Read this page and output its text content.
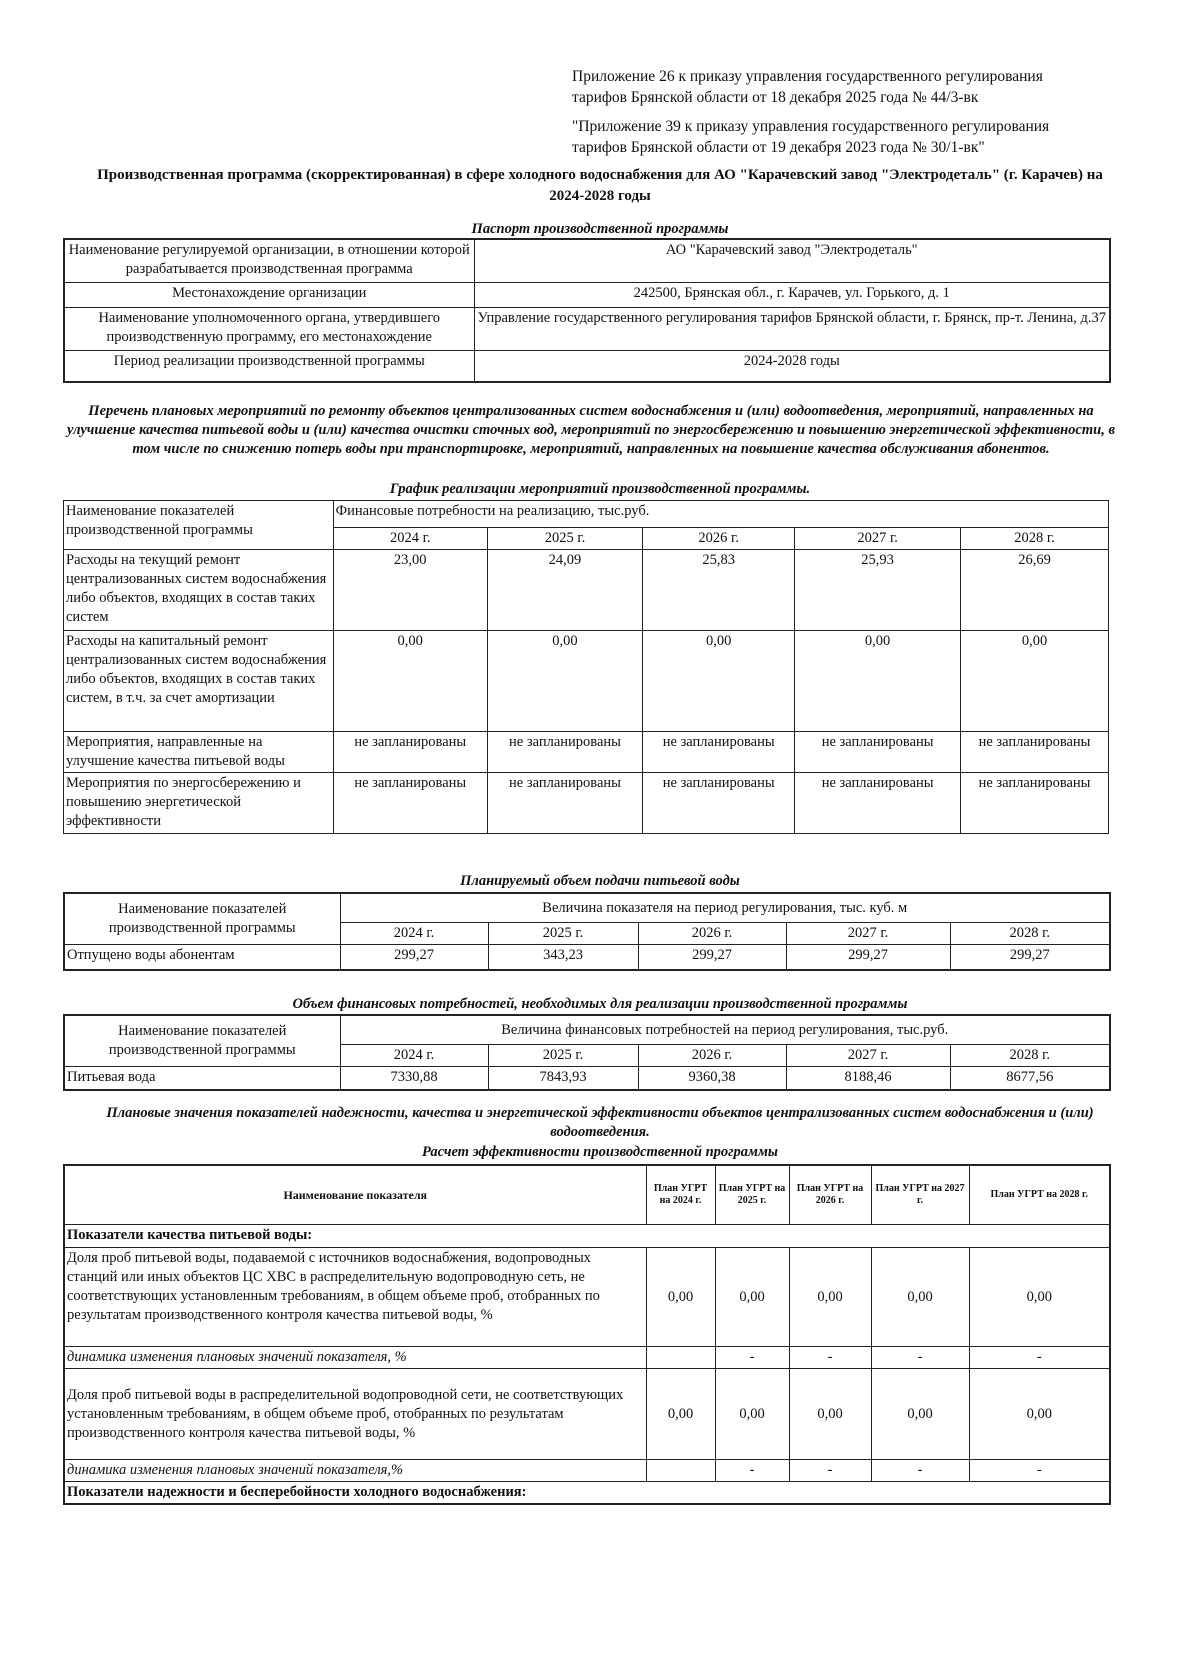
Приложение 26 к приказу управления государственного регулирования тарифов Брянской области от 18 декабря 2025 года № 44/3-вк
"Приложение 39 к приказу управления государственного регулирования тарифов Брянской области от 19 декабря 2023 года № 30/1-вк"
Производственная программа (скорректированная) в сфере холодного водоснабжения для АО "Карачевский завод "Электродеталь" (г. Карачев) на 2024-2028 годы
Паспорт производственной программы
Наименование регулируемой организации, в отношении которой разрабатывается производственная программа	АО "Карачевский завод "Электродеталь"
Местонахождение организации	242500, Брянская обл., г. Карачев, ул. Горького, д. 1
Наименование уполномоченного органа, утвердившего производственную программу, его местонахождение	Управление государственного регулирования тарифов Брянской области, г. Брянск, пр-т. Ленина, д.37
Период реализации производственной программы	2024-2028 годы
Перечень плановых мероприятий по ремонту объектов централизованных систем водоснабжения и (или) водоотведения, мероприятий, направленных на улучшение качества питьевой воды и (или) качества очистки сточных вод, мероприятий по энергосбережению и повышению энергетической эффективности, в том числе по снижению потерь воды при транспортировке, мероприятий, направленных на повышение качества обслуживания абонентов.
График реализации мероприятий производственной программы.
Наименование показателей производственной программы	Финансовые потребности на реализацию, тыс.руб.				
	2024 г.	2025 г.	2026 г.	2027 г.	2028 г.
Расходы на текущий ремонт централизованных систем водоснабжения либо объектов, входящих в состав таких систем	23,00	24,09	25,83	25,93	26,69
Расходы на капитальный ремонт централизованных систем водоснабжения либо объектов, входящих в состав таких систем, в т.ч. за счет амортизации	0,00	0,00	0,00	0,00	0,00
Мероприятия, направленные на улучшение качества питьевой воды	не запланированы	не запланированы	не запланированы	не запланированы	не запланированы
Мероприятия по энергосбережению и повышению энергетической эффективности	не запланированы	не запланированы	не запланированы	не запланированы	не запланированы
Планируемый объем подачи питьевой воды
Наименование показателей производственной программы	Величина показателя на период регулирования, тыс. куб. м				
	2024 г.	2025 г.	2026 г.	2027 г.	2028 г.
Отпущено воды абонентам	299,27	343,23	299,27	299,27	299,27
Объем финансовых потребностей, необходимых для реализации производственной программы
Наименование показателей производственной программы	Величина финансовых потребностей на период регулирования, тыс.руб.				
	2024 г.	2025 г.	2026 г.	2027 г.	2028 г.
Питьевая вода	7330,88	7843,93	9360,38	8188,46	8677,56
Плановые значения показателей надежности, качества и энергетической эффективности объектов централизованных систем водоснабжения и (или) водоотведения.
Расчет эффективности производственной программы
Наименование показателя	План УГРТ на 2024 г.	План УГРТ на 2025 г.	План УГРТ на 2026 г.	План УГРТ на 2027 г.	План УГРТ на 2028 г.
Показатели качества питьевой воды:					
Доля проб питьевой воды, подаваемой с источников водоснабжения, водопроводных станций или иных объектов ЦС ХВС в распределительную водопроводную сеть, не соответствующих установленным требованиям, в общем объеме проб, отобранных по результатам производственного контроля качества питьевой воды, %	0,00	0,00	0,00	0,00	0,00
динамика изменения плановых значений показателя, %		-	-	-	-
Доля проб питьевой воды в распределительной водопроводной сети, не соответствующих установленным требованиям, в общем объеме проб, отобранных по результатам производственного контроля качества питьевой воды, %	0,00	0,00	0,00	0,00	0,00
динамика изменения плановых значений показателя,%		-	-	-	-
Показатели надежности и бесперебойности холодного водоснабжения:					
